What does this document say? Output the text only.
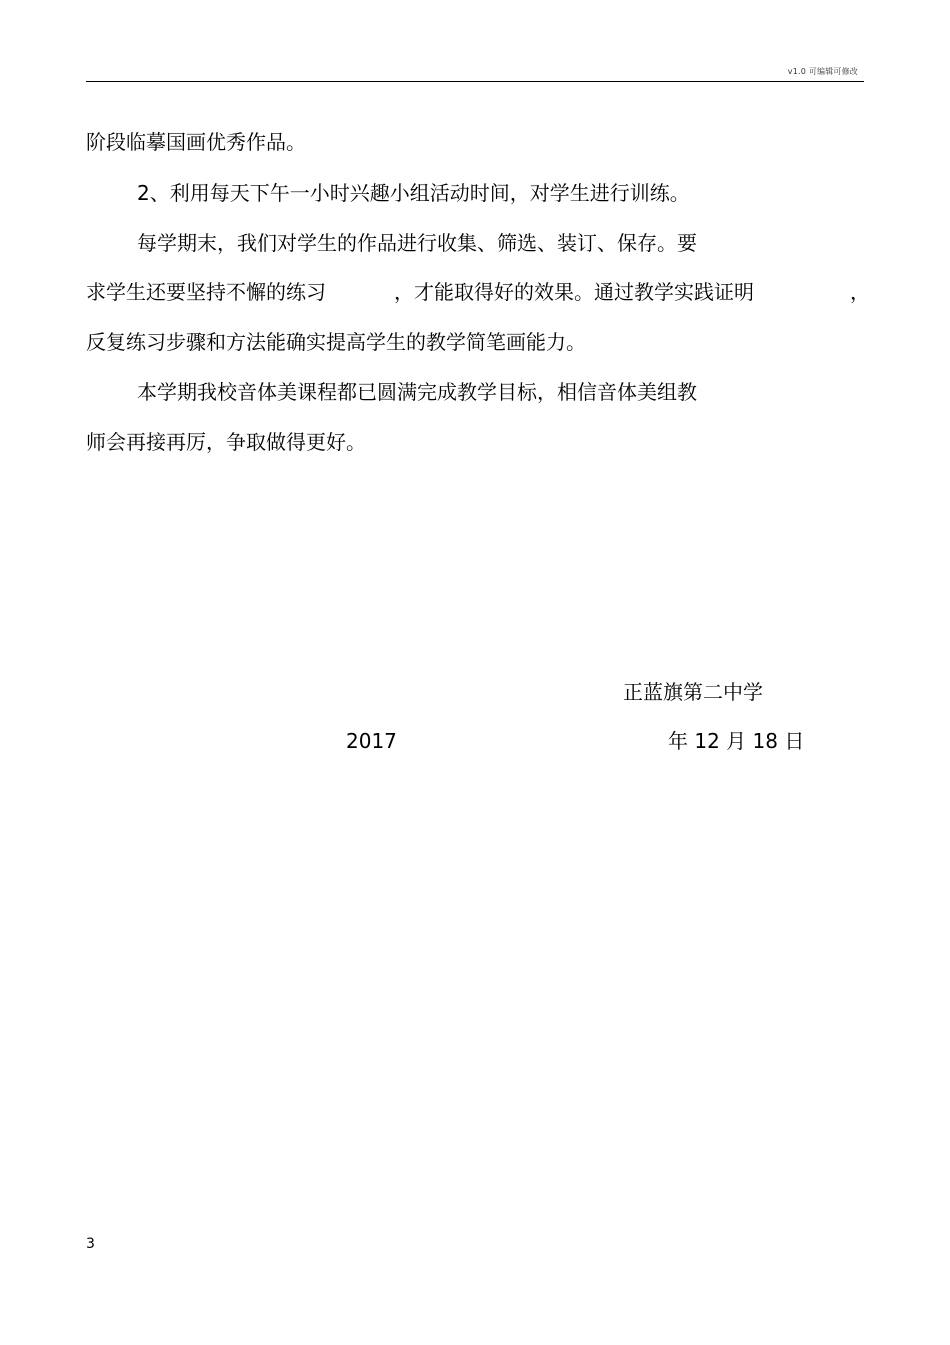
v1.0 可编辑可修改
阶段临摹国画优秀作品。
2、利用每天下午一小时兴趣小组活动时间，对学生进行训练。
每学期末，我们对学生的作品进行收集、筛选、装订、保存。要
求学生还要坚持不懈的练习	，才能取得好的效果。通过教学实践证明	，
反复练习步骤和方法能确实提高学生的教学简笔画能力。
本学期我校音体美课程都已圆满完成教学目标，相信音体美组教
师会再接再厉，争取做得更好。
正蓝旗第二中学
2017	年 12 月 18 日
3
